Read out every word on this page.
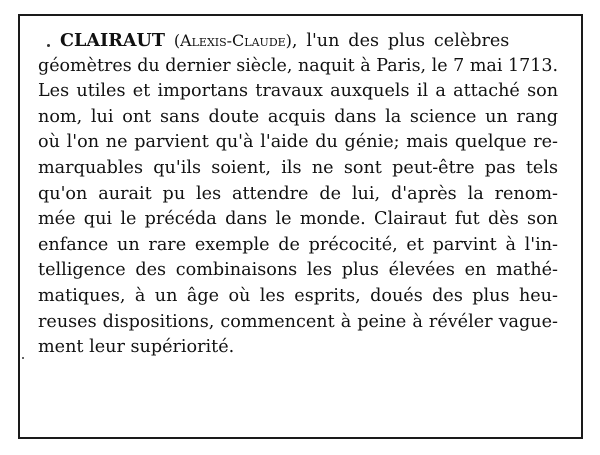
CLAIRAUT (Alexis-Claude), l'un des plus celèbres
géomètres du dernier siècle, naquit à Paris, le 7 mai 1713.
Les utiles et importans travaux auxquels il a attaché son
nom, lui ont sans doute acquis dans la science un rang
où l'on ne parvient qu'à l'aide du génie; mais quelque re-
marquables qu'ils soient, ils ne sont peut-être pas tels
qu'on aurait pu les attendre de lui, d'après la renom-
mée qui le précéda dans le monde. Clairaut fut dès son
enfance un rare exemple de précocité, et parvint à l'in-
telligence des combinaisons les plus élevées en mathé-
matiques, à un âge où les esprits, doués des plus heu-
reuses dispositions, commencent à peine à révéler vague-
ment leur supériorité.
